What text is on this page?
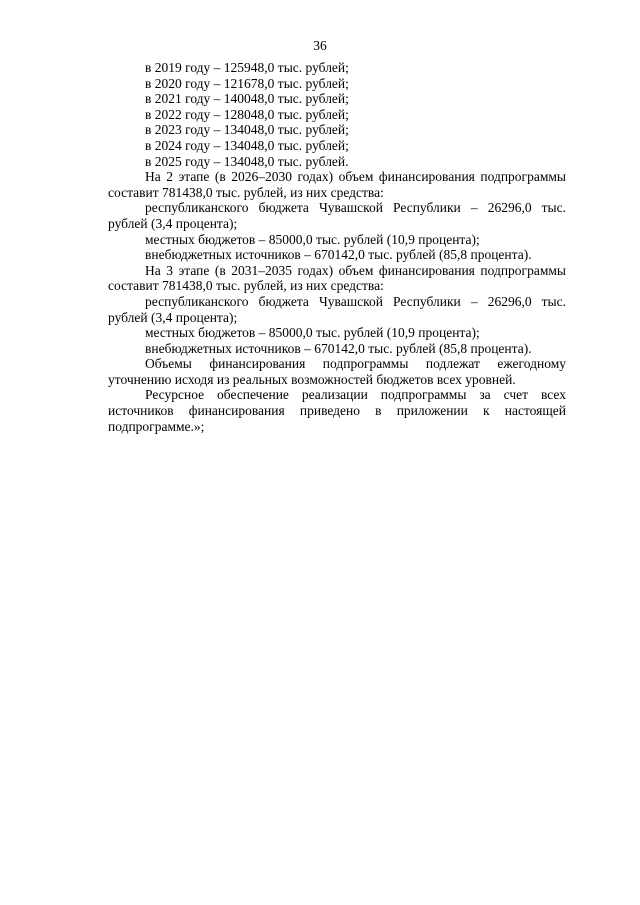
36
в 2019 году – 125948,0 тыс. рублей;
в 2020 году – 121678,0 тыс. рублей;
в 2021 году – 140048,0 тыс. рублей;
в 2022 году – 128048,0 тыс. рублей;
в 2023 году – 134048,0 тыс. рублей;
в 2024 году – 134048,0 тыс. рублей;
в 2025 году – 134048,0 тыс. рублей.

На 2 этапе (в 2026–2030 годах) объем финансирования подпрограммы составит 781438,0 тыс. рублей, из них средства:

республиканского бюджета Чувашской Республики – 26296,0 тыс. рублей (3,4 процента);

местных бюджетов – 85000,0 тыс. рублей (10,9 процента);

внебюджетных источников – 670142,0 тыс. рублей (85,8 процента).

На 3 этапе (в 2031–2035 годах) объем финансирования подпрограммы составит 781438,0 тыс. рублей, из них средства:

республиканского бюджета Чувашской Республики – 26296,0 тыс. рублей (3,4 процента);

местных бюджетов – 85000,0 тыс. рублей (10,9 процента);

внебюджетных источников – 670142,0 тыс. рублей (85,8 процента).

Объемы финансирования подпрограммы подлежат ежегодному уточнению исходя из реальных возможностей бюджетов всех уровней.

Ресурсное обеспечение реализации подпрограммы за счет всех источников финансирования приведено в приложении к настоящей подпрограмме.»;
